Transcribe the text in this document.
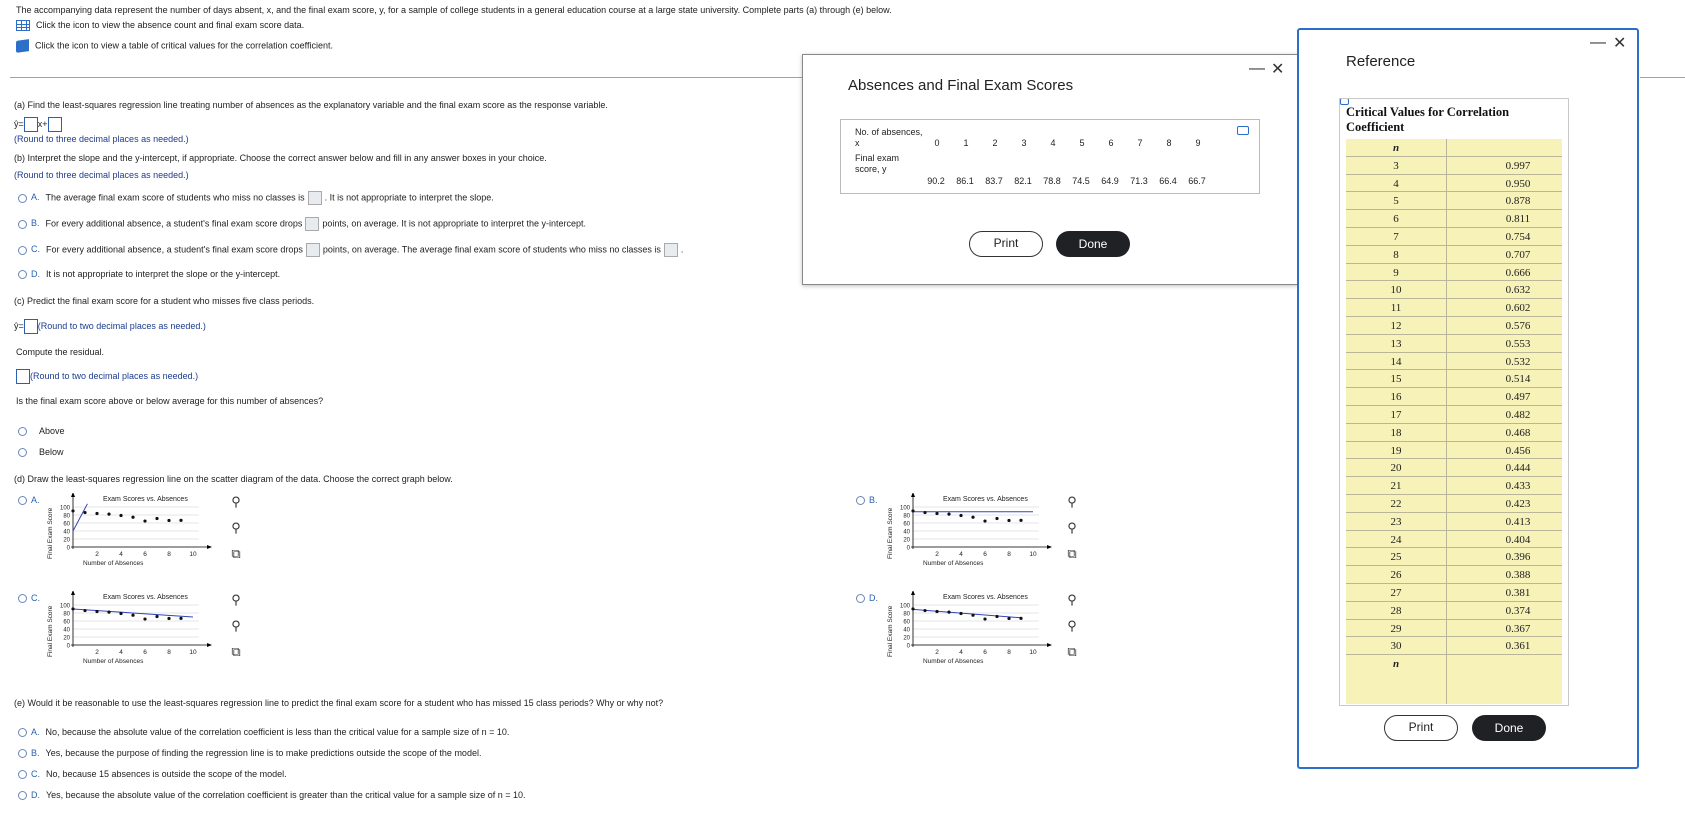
The accompanying data represent the number of days absent, x, and the final exam score, y, for a sample of college students in a general education course at a large state university. Complete parts (a) through (e) below.
Click the icon to view the absence count and final exam score data.
Click the icon to view a table of critical values for the correlation coefficient.
(a) Find the least-squares regression line treating number of absences as the explanatory variable and the final exam score as the response variable.
ŷ= x+
(Round to three decimal places as needed.)
(b) Interpret the slope and the y-intercept, if appropriate. Choose the correct answer below and fill in any answer boxes in your choice.
(Round to three decimal places as needed.)
A. The average final exam score of students who miss no classes is . It is not appropriate to interpret the slope.
B. For every additional absence, a student's final exam score drops points, on average. It is not appropriate to interpret the y-intercept.
C. For every additional absence, a student's final exam score drops points, on average. The average final exam score of students who miss no classes is .
D. It is not appropriate to interpret the slope or the y-intercept.
(c) Predict the final exam score for a student who misses five class periods.
ŷ= (Round to two decimal places as needed.)
Compute the residual.
(Round to two decimal places as needed.)
Is the final exam score above or below average for this number of absences?
Above
Below
(d) Draw the least-squares regression line on the scatter diagram of the data. Choose the correct graph below.
A.	B.
C.	D.
Exam Scores vs. Absences
100
80
60
40
20
0
2	4	6	8	10
Number of Absences
Final Exam Score
Exam Scores vs. Absences
100
80
60
40
20
0
2	4	6	8	10
Number of Absences
Final Exam Score
Exam Scores vs. Absences
100
80
60
40
20
0
2	4	6	8	10
Number of Absences
Final Exam Score
Exam Scores vs. Absences
100
80
60
40
20
0
2	4	6	8	10
Number of Absences
Final Exam Score
⚲
⚲
⧉
⚲
⚲
⧉
⚲
⚲
⧉
⚲
⚲
⧉
(e) Would it be reasonable to use the least-squares regression line to predict the final exam score for a student who has missed 15 class periods? Why or why not?
A. No, because the absolute value of the correlation coefficient is less than the critical value for a sample size of n = 10.
B. Yes, because the purpose of finding the regression line is to make predictions outside the scope of the model.
C. No, because 15 absences is outside the scope of the model.
D. Yes, because the absolute value of the correlation coefficient is greater than the critical value for a sample size of n = 10.
Absences and Final Exam Scores
— ✕
No. of absences, x
Final exam score, y
0	1	2	3	4	5	6	7	8	9
90.2	86.1	83.7	82.1	78.8	74.5	64.9	71.3	66.4	66.7
Print	Done
Reference
— ✕
Critical Values for Correlation Coefficient
n
3	0.997
4	0.950
5	0.878
6	0.811
7	0.754
8	0.707
9	0.666
10	0.632
11	0.602
12	0.576
13	0.553
14	0.532
15	0.514
16	0.497
17	0.482
18	0.468
19	0.456
20	0.444
21	0.433
22	0.423
23	0.413
24	0.404
25	0.396
26	0.388
27	0.381
28	0.374
29	0.367
30	0.361
n
Print	Done
